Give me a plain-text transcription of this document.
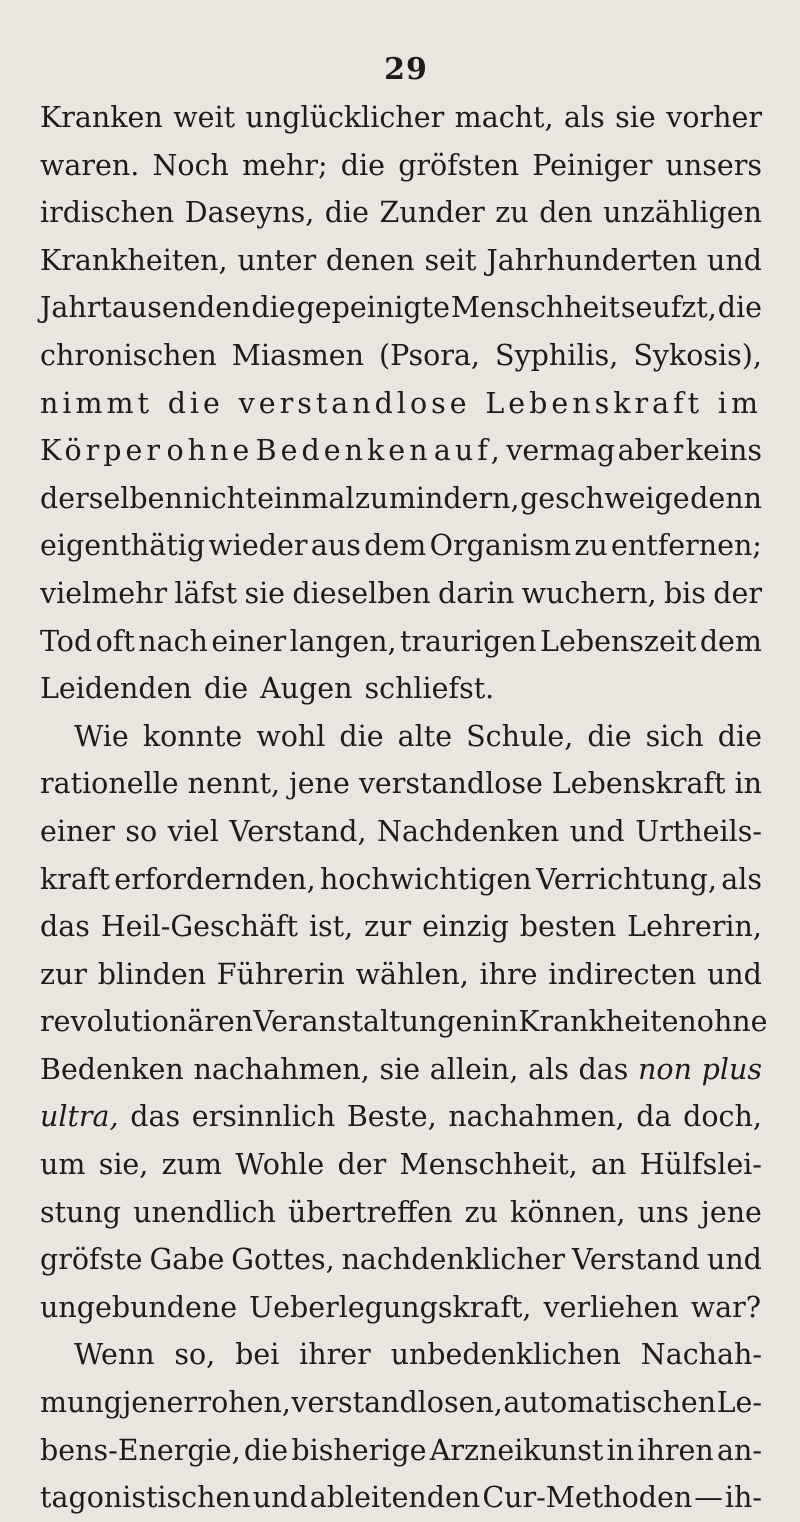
29
Kranken weit unglücklicher macht, als sie vorher
waren. Noch mehr; die gröfsten Peiniger unsers
irdischen Daseyns, die Zunder zu den unzähligen
Krankheiten, unter denen seit Jahrhunderten und
Jahrtausenden die gepeinigte Menschheit seufzt, die
chronischen Miasmen (Psora, Syphilis, Sykosis),
nimmt die verstandlose Lebenskraft im
Körper ohne Bedenken auf, vermag aber keins
derselben nicht einmal zu mindern, geschweige denn
eigenthätig wieder aus dem Organism zu entfernen;
vielmehr läfst sie dieselben darin wuchern, bis der
Tod oft nach einer langen, traurigen Lebenszeit dem
Leidenden die Augen schliefst.
Wie konnte wohl die alte Schule, die sich die
rationelle nennt, jene verstandlose Lebenskraft in
einer so viel Verstand, Nachdenken und Urtheils-
kraft erfordernden, hochwichtigen Verrichtung, als
das Heil-Geschäft ist, zur einzig besten Lehrerin,
zur blinden Führerin wählen, ihre indirecten und
revolutionären Veranstaltungen in Krankheiten ohne
Bedenken nachahmen, sie allein, als das non plus
ultra, das ersinnlich Beste, nachahmen, da doch,
um sie, zum Wohle der Menschheit, an Hülfslei-
stung unendlich übertreffen zu können, uns jene
gröfste Gabe Gottes, nachdenklicher Verstand und
ungebundene Ueberlegungskraft, verliehen war?
Wenn so, bei ihrer unbedenklichen Nachah-
mung jener rohen, verstandlosen, automatischen Le-
bens-Energie, die bisherige Arzneikunst in ihren an-
tagonistischen und ableitenden Cur-Methoden — ih-
